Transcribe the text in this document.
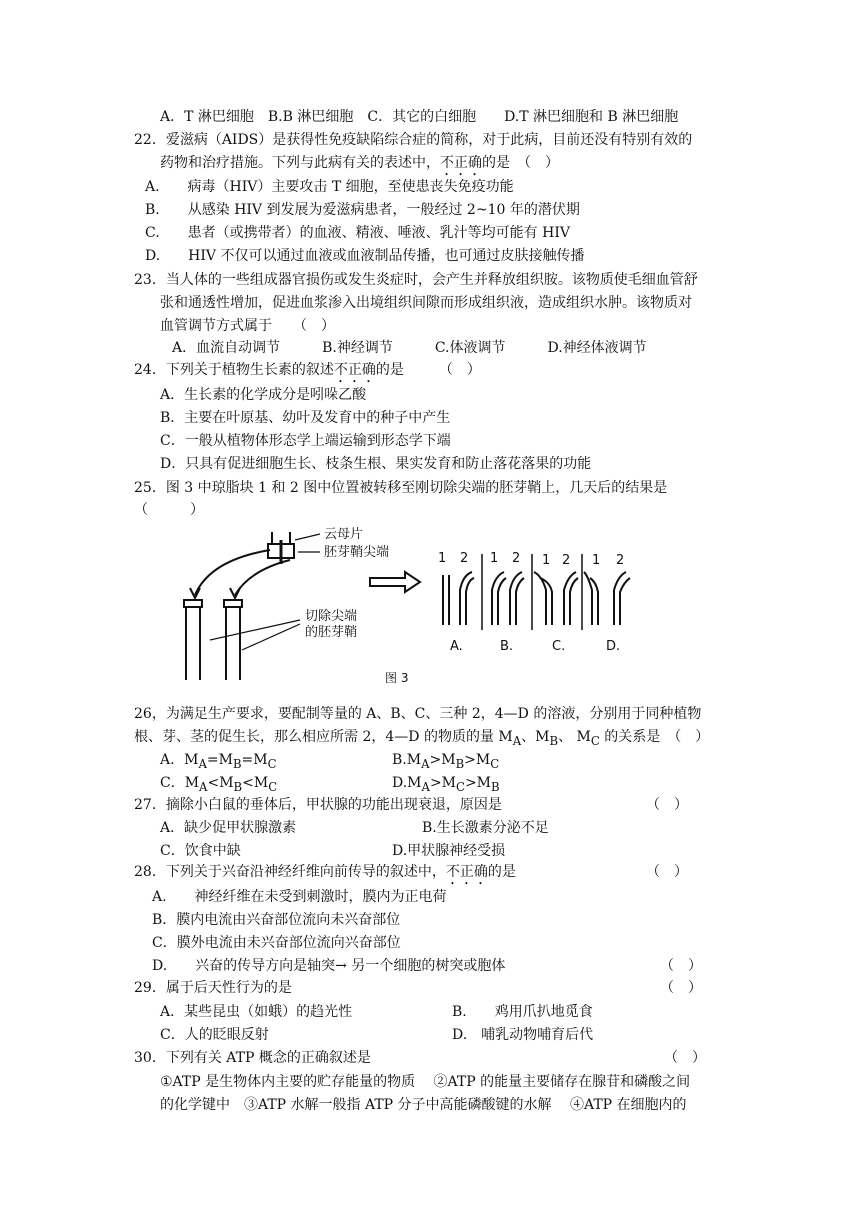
A．T 淋巴细胞　B.B 淋巴细胞　C．其它的白细胞　　D.T 淋巴细胞和 B 淋巴细胞
22．爱滋病（AIDS）是获得性免疫缺陷综合症的简称，对于此病，目前还没有特别有效的
药物和治疗措施。下列与此病有关的表述中，不正确的是　（　）
A.　　病毒（HIV）主要攻击 T 细胞，至使患丧失免疫功能
B.　　从感染 HIV 到发展为爱滋病患者，一般经过 2~10 年的潜伏期
C.　　患者（或携带者）的血液、精液、唾液、乳汁等均可能有 HIV
D.　　HIV 不仅可以通过血液或血液制品传播，也可通过皮肤接触传播
23．当人体的一些组成器官损伤或发生炎症时，会产生并释放组织胺。该物质使毛细血管舒
张和通透性增加，促进血浆渗入出境组织间隙而形成组织液，造成组织水肿。该物质对
血管调节方式属于　　（　）
A．血流自动调节　　　B.神经调节　　　C.体液调节　　　D.神经体液调节
24．下列关于植物生长素的叙述不正确的是　　　（　）
A．生长素的化学成分是吲哚乙酸
B．主要在叶原基、幼叶及发育中的种子中产生
C．一般从植物体形态学上端运输到形态学下端
D．只具有促进细胞生长、枝条生根、果实发育和防止落花落果的功能
25．图 3 中琼脂块 1 和 2 图中位置被转移至刚切除尖端的胚芽鞘上，几天后的结果是
（　　　）
云母片
胚芽鞘尖端
切除尖端
的胚芽鞘
1 2 1 2 1 2 1 2
A.	B.	C.	D.
图 3
26，为满足生产要求，要配制等量的 A、B、C、三种 2，4—D 的溶液，分别用于同种植物
根、芽、茎的促生长，那么相应所需 2，4—D 的物质的量 $M_A$、$M_B$、 $M_C$ 的关系是　（　）
A．$M_A=M_B=M_C$	$B.M_A>M_B>M_C$
C．$M_A<M_B<M_C$	$D.M_A>M_C>M_B$
27．摘除小白鼠的垂体后，甲状腺的功能出现衰退，原因是	（　）
A．缺少促甲状腺激素	B.生长激素分泌不足
C．饮食中缺	D.甲状腺神经受损
28．下列关于兴奋沿神经纤维向前传导的叙述中，不正确的是	（　）
A.　　神经纤维在未受到刺激时，膜内为正电荷
B．膜内电流由兴奋部位流向未兴奋部位
C．膜外电流由未兴奋部位流向兴奋部位
D.　　兴奋的传导方向是轴突→ 另一个细胞的树突或胞体	（　）
29．属于后天性行为的是	（　）
A．某些昆虫（如蛾）的趋光性	B.　　鸡用爪扒地觅食
C．人的眨眼反射	D.　哺乳动物哺育后代
30．下列有关 ATP 概念的正确叙述是	（　）
①ATP 是生物体内主要的贮存能量的物质　 ②ATP 的能量主要储存在腺苷和磷酸之间
的化学键中　③ATP 水解一般指 ATP 分子中高能磷酸键的水解　 ④ATP 在细胞内的
